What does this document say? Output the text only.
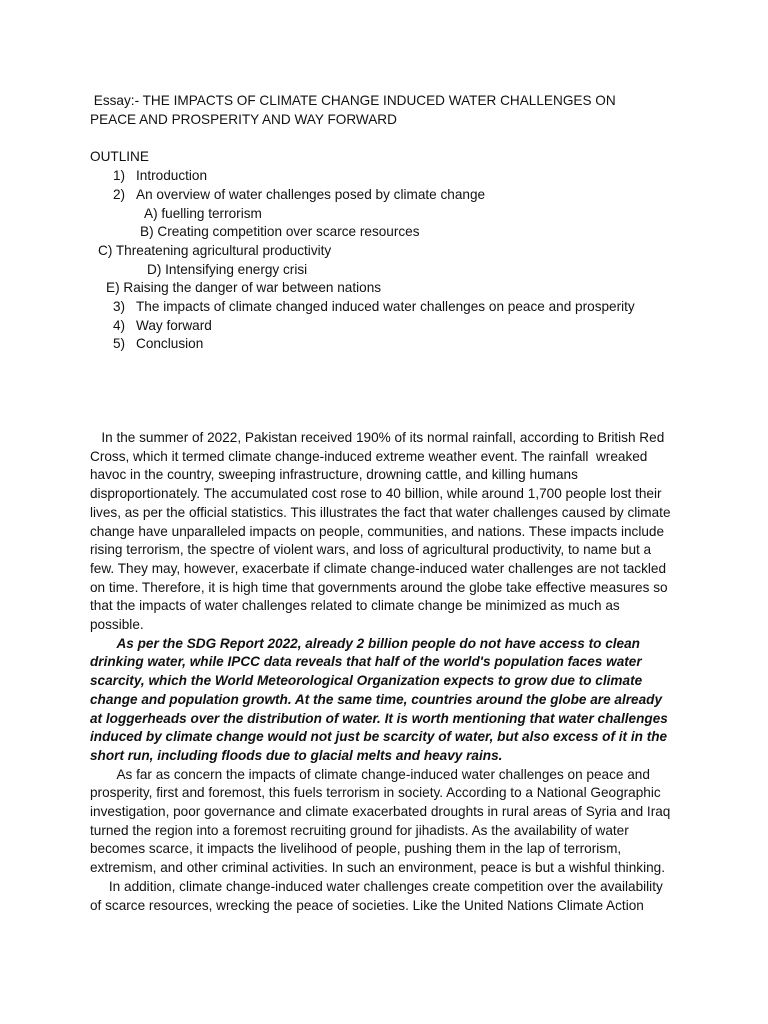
Essay:- THE IMPACTS OF CLIMATE CHANGE INDUCED WATER CHALLENGES ON
PEACE AND PROSPERITY AND WAY FORWARD
OUTLINE
1) Introduction
2) An overview of water challenges posed by climate change
A) fuelling terrorism
B) Creating competition over scarce resources
C) Threatening agricultural productivity
D) Intensifying energy crisi
E) Raising the danger of war between nations
3) The impacts of climate changed induced water challenges on peace and prosperity
4) Way forward
5) Conclusion

In the summer of 2022, Pakistan received 190% of its normal rainfall, according to British Red Cross, which it termed climate change-induced extreme weather event. The rainfall  wreaked havoc in the country, sweeping infrastructure, drowning cattle, and killing humans disproportionately. The accumulated cost rose to 40 billion, while around 1,700 people lost their lives, as per the official statistics. This illustrates the fact that water challenges caused by climate change have unparalleled impacts on people, communities, and nations. These impacts include rising terrorism, the spectre of violent wars, and loss of agricultural productivity, to name but a few. They may, however, exacerbate if climate change-induced water challenges are not tackled on time. Therefore, it is high time that governments around the globe take effective measures so that the impacts of water challenges related to climate change be minimized as much as possible.

As per the SDG Report 2022, already 2 billion people do not have access to clean drinking water, while IPCC data reveals that half of the world's population faces water scarcity, which the World Meteorological Organization expects to grow due to climate change and population growth. At the same time, countries around the globe are already at loggerheads over the distribution of water. It is worth mentioning that water challenges induced by climate change would not just be scarcity of water, but also excess of it in the short run, including floods due to glacial melts and heavy rains.

As far as concern the impacts of climate change-induced water challenges on peace and prosperity, first and foremost, this fuels terrorism in society. According to a National Geographic investigation, poor governance and climate exacerbated droughts in rural areas of Syria and Iraq turned the region into a foremost recruiting ground for jihadists. As the availability of water becomes scarce, it impacts the livelihood of people, pushing them in the lap of terrorism, extremism, and other criminal activities. In such an environment, peace is but a wishful thinking.

In addition, climate change-induced water challenges create competition over the availability of scarce resources, wrecking the peace of societies. Like the United Nations Climate Action
